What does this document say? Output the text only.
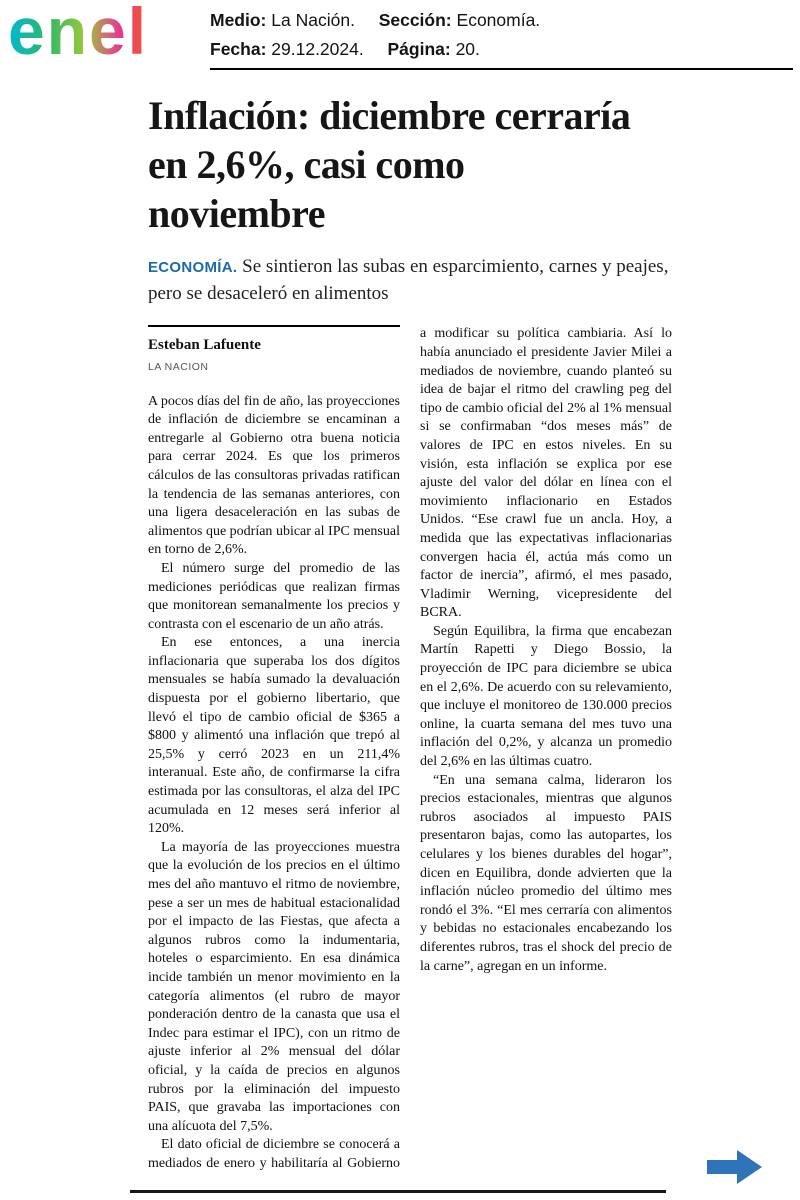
enel	Medio: La Nación. Sección: Economía.
Fecha: 29.12.2024. Página: 20.
Inflación: diciembre cerraría en 2,6%, casi como noviembre

ECONOMÍA. Se sintieron las subas en esparcimiento, carnes y peajes, pero se desaceleró en alimentos

Esteban Lafuente
LA NACION

A pocos días del fin de año, las proyecciones de inflación de diciembre se encaminan a entregarle al Gobierno otra buena noticia para cerrar 2024. Es que los primeros cálculos de las consultoras privadas ratifican la tendencia de las semanas anteriores, con una ligera desaceleración en las subas de alimentos que podrían ubicar al IPC mensual en torno de 2,6%.

El número surge del promedio de las mediciones periódicas que realizan firmas que monitorean semanalmente los precios y contrasta con el escenario de un año atrás.

En ese entonces, a una inercia inflacionaria que superaba los dos dígitos mensuales se había sumado la devaluación dispuesta por el gobierno libertario, que llevó el tipo de cambio oficial de $365 a $800 y alimentó una inflación que trepó al 25,5% y cerró 2023 en un 211,4% interanual. Este año, de confirmarse la cifra estimada por las consultoras, el alza del IPC acumulada en 12 meses será inferior al 120%.

La mayoría de las proyecciones muestra que la evolución de los precios en el último mes del año mantuvo el ritmo de noviembre, pese a ser un mes de habitual estacionalidad por el impacto de las Fiestas, que afecta a algunos rubros como la indumentaria, hoteles o esparcimiento. En esa dinámica incide también un menor movimiento en la categoría alimentos (el rubro de mayor ponderación dentro de la canasta que usa el Indec para estimar el IPC), con un ritmo de ajuste inferior al 2% mensual del dólar oficial, y la caída de precios en algunos rubros por la eliminación del impuesto PAIS, que gravaba las importaciones con una alícuota del 7,5%.

El dato oficial de diciembre se conocerá a mediados de enero y habilitaría al Gobierno a modificar su política cambiaria. Así lo había anunciado el presidente Javier Milei a mediados de noviembre, cuando planteó su idea de bajar el ritmo del crawling peg del tipo de cambio oficial del 2% al 1% mensual si se confirmaban “dos meses más” de valores de IPC en estos niveles. En su visión, esta inflación se explica por ese ajuste del valor del dólar en línea con el movimiento inflacionario en Estados Unidos. “Ese crawl fue un ancla. Hoy, a medida que las expectativas inflacionarias convergen hacia él, actúa más como un factor de inercia”, afirmó, el mes pasado, Vladimir Werning, vicepresidente del BCRA.

Según Equilibra, la firma que encabezan Martín Rapetti y Diego Bossio, la proyección de IPC para diciembre se ubica en el 2,6%. De acuerdo con su relevamiento, que incluye el monitoreo de 130.000 precios online, la cuarta semana del mes tuvo una inflación del 0,2%, y alcanza un promedio del 2,6% en las últimas cuatro.

“En una semana calma, lideraron los precios estacionales, mientras que algunos rubros asociados al impuesto PAIS presentaron bajas, como las autopartes, los celulares y los bienes durables del hogar”, dicen en Equilibra, donde advierten que la inflación núcleo promedio del último mes rondó el 3%. “El mes cerraría con alimentos y bebidas no estacionales encabezando los diferentes rubros, tras el shock del precio de la carne”, agregan en un informe.
